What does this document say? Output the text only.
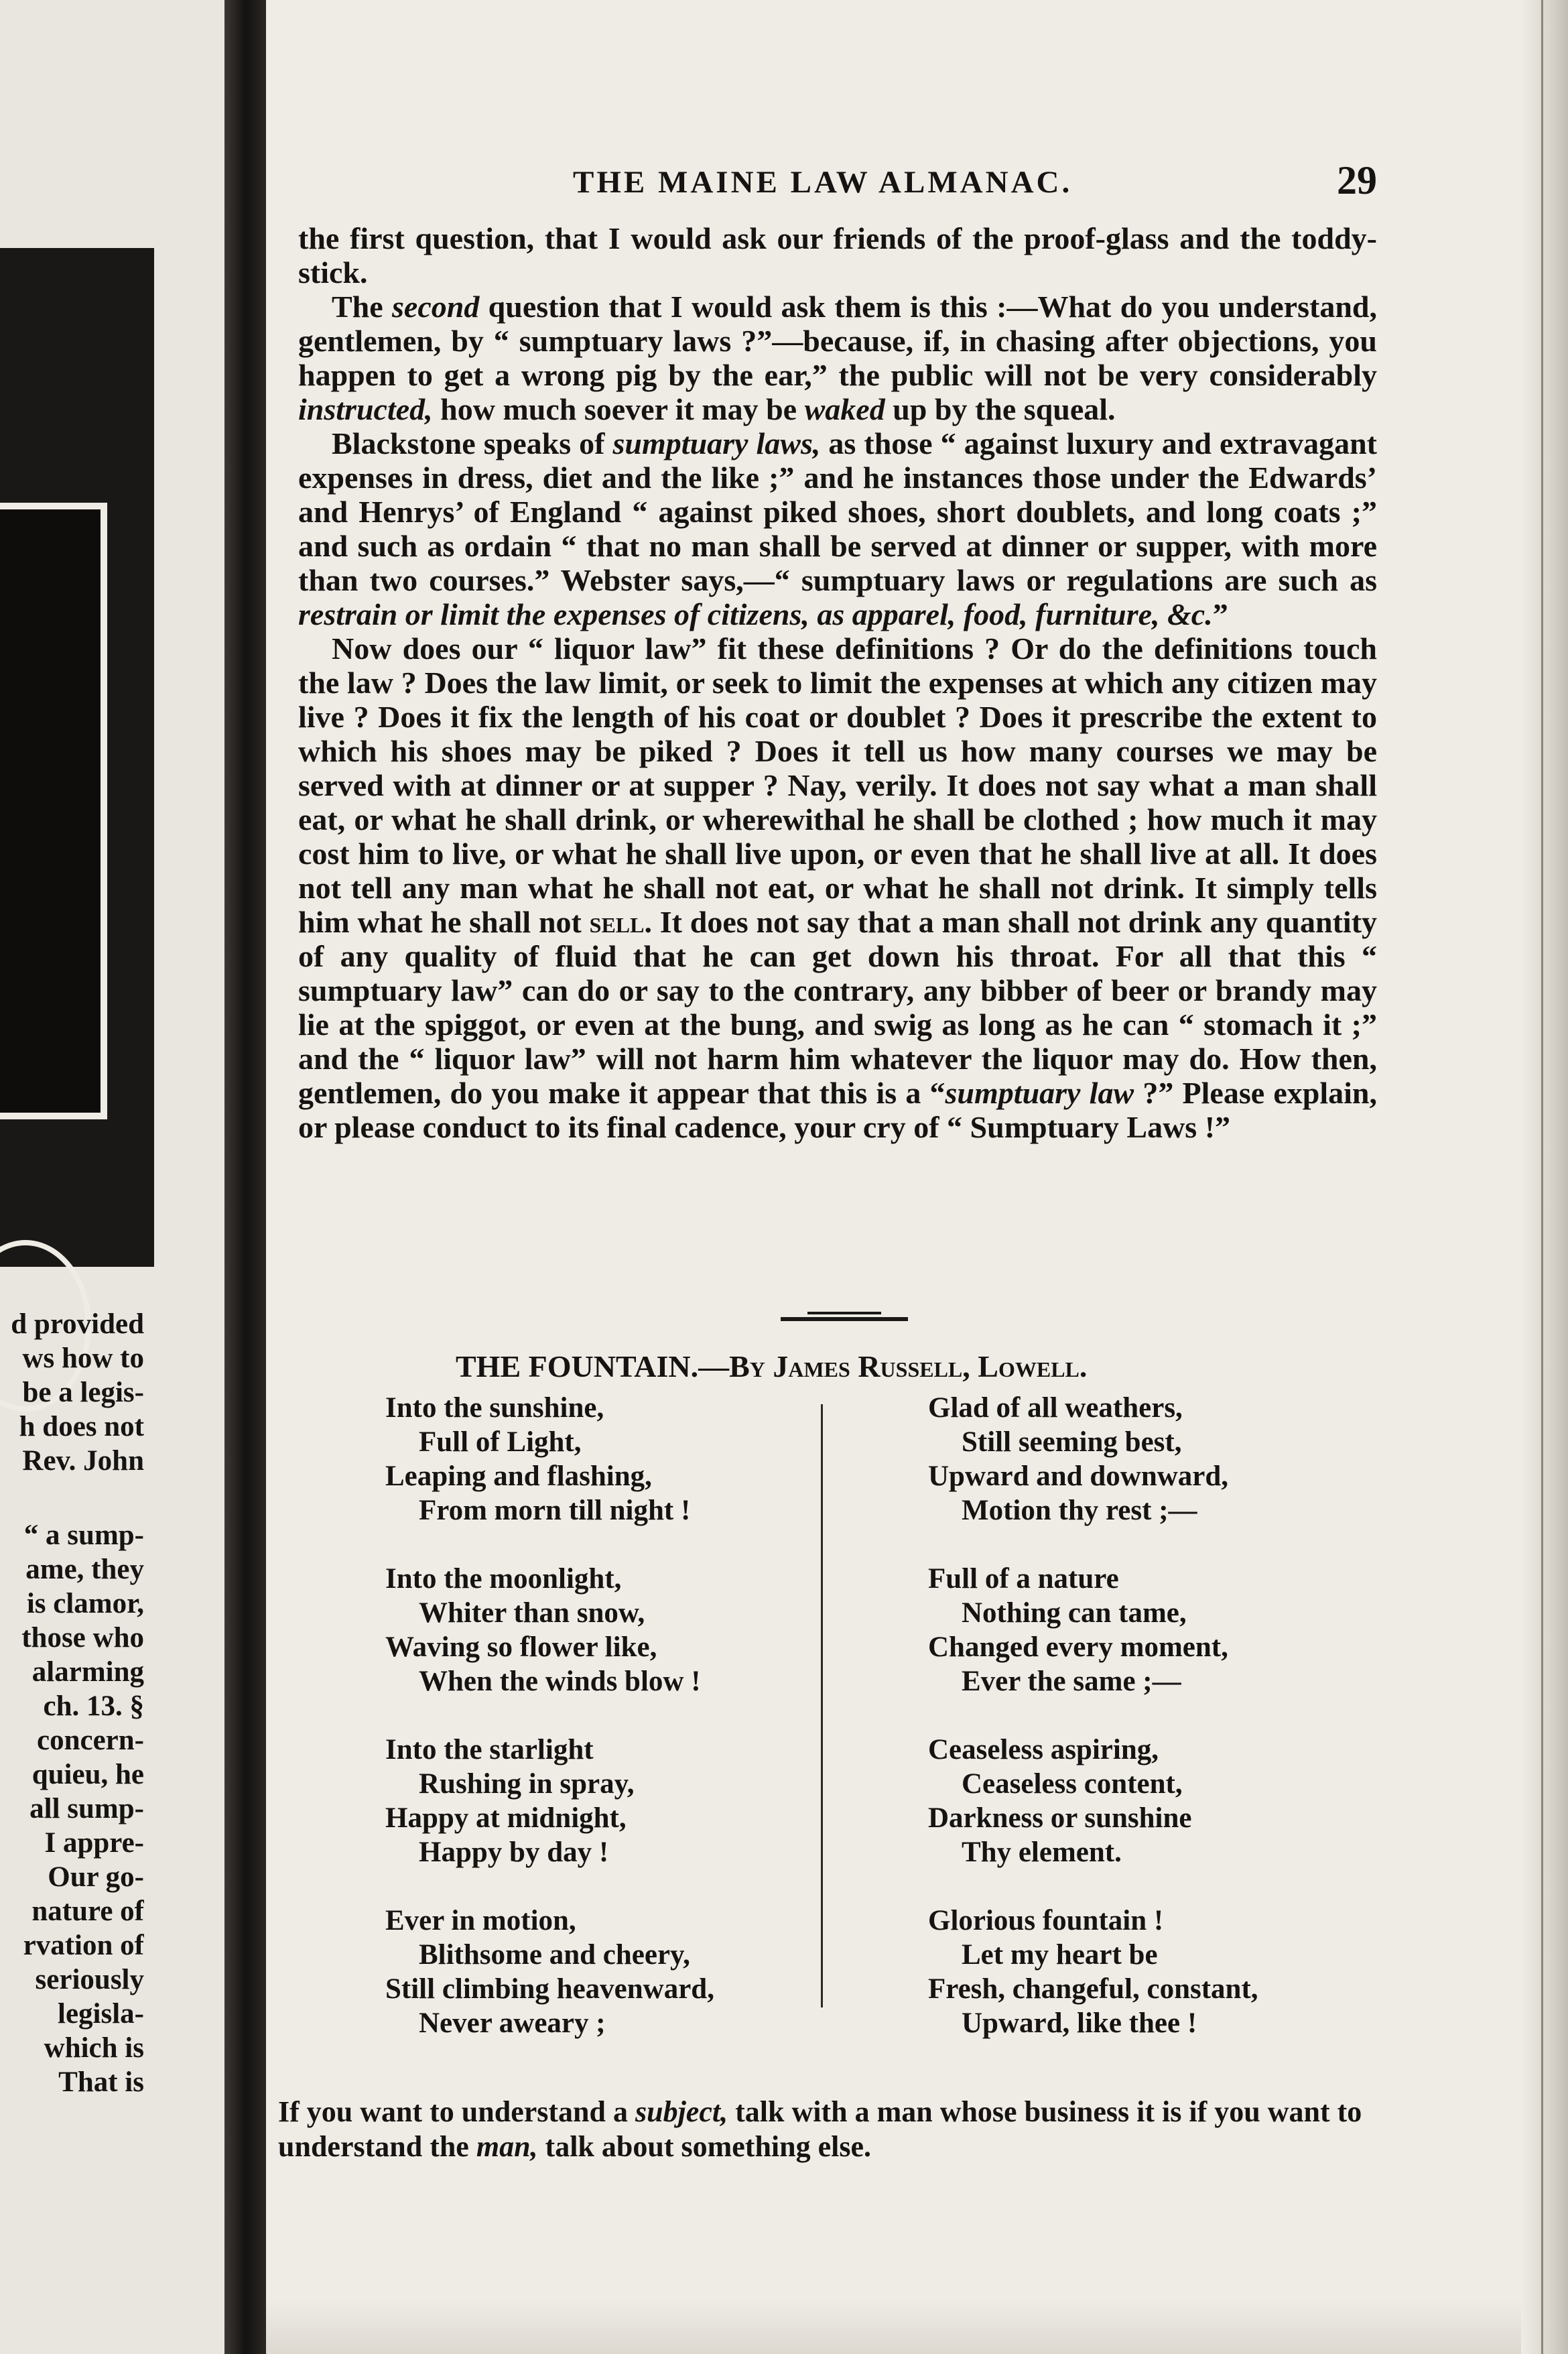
d provided
ws how to
be a legis-
h does not
Rev. John
“ a sump-
ame, they
is clamor,
those who
alarming
ch. 13. §
concern-
quieu, he
all sump-
I appre-
Our go-
nature of
rvation of
seriously
legisla-
which is
That is
THE MAINE LAW ALMANAC.	29

the first question, that I would ask our friends of the proof-glass and the toddy-stick.

The second question that I would ask them is this :—What do you understand, gentlemen, by “ sumptuary laws ?”—because, if, in chasing after objections, you happen to get a wrong pig by the ear,” the public will not be very considerably instructed, how much soever it may be waked up by the squeal.

Blackstone speaks of sumptuary laws, as those “ against luxury and extravagant expenses in dress, diet and the like ;” and he instances those under the Edwards’ and Henrys’ of England “ against piked shoes, short doublets, and long coats ;” and such as ordain “ that no man shall be served at dinner or supper, with more than two courses.” Webster says,—“ sumptuary laws or regulations are such as restrain or limit the expenses of citizens, as apparel, food, furniture, &c.”

Now does our “ liquor law” fit these definitions ? Or do the definitions touch the law ? Does the law limit, or seek to limit the expenses at which any citizen may live ? Does it fix the length of his coat or doublet ? Does it prescribe the extent to which his shoes may be piked ? Does it tell us how many courses we may be served with at dinner or at supper ? Nay, verily. It does not say what a man shall eat, or what he shall drink, or wherewithal he shall be clothed ; how much it may cost him to live, or what he shall live upon, or even that he shall live at all. It does not tell any man what he shall not eat, or what he shall not drink. It simply tells him what he shall not sell. It does not say that a man shall not drink any quantity of any quality of fluid that he can get down his throat. For all that this “ sumptuary law” can do or say to the contrary, any bibber of beer or brandy may lie at the spiggot, or even at the bung, and swig as long as he can “ stomach it ;” and the “ liquor law” will not harm him whatever the liquor may do. How then, gentlemen, do you make it appear that this is a “sumptuary law ?” Please explain, or please conduct to its final cadence, your cry of “ Sumptuary Laws !”

THE FOUNTAIN.—By James Russell, Lowell.
Into the sunshine,
Full of Light,
Leaping and flashing,
From morn till night !
Into the moonlight,
Whiter than snow,
Waving so flower like,
When the winds blow !
Into the starlight
Rushing in spray,
Happy at midnight,
Happy by day !
Ever in motion,
Blithsome and cheery,
Still climbing heavenward,
Never aweary ;
Glad of all weathers,
Still seeming best,
Upward and downward,
Motion thy rest ;—
Full of a nature
Nothing can tame,
Changed every moment,
Ever the same ;—
Ceaseless aspiring,
Ceaseless content,
Darkness or sunshine
Thy element.
Glorious fountain !
Let my heart be
Fresh, changeful, constant,
Upward, like thee !
If you want to understand a subject, talk with a man whose business it is if you want to understand the man, talk about something else.
